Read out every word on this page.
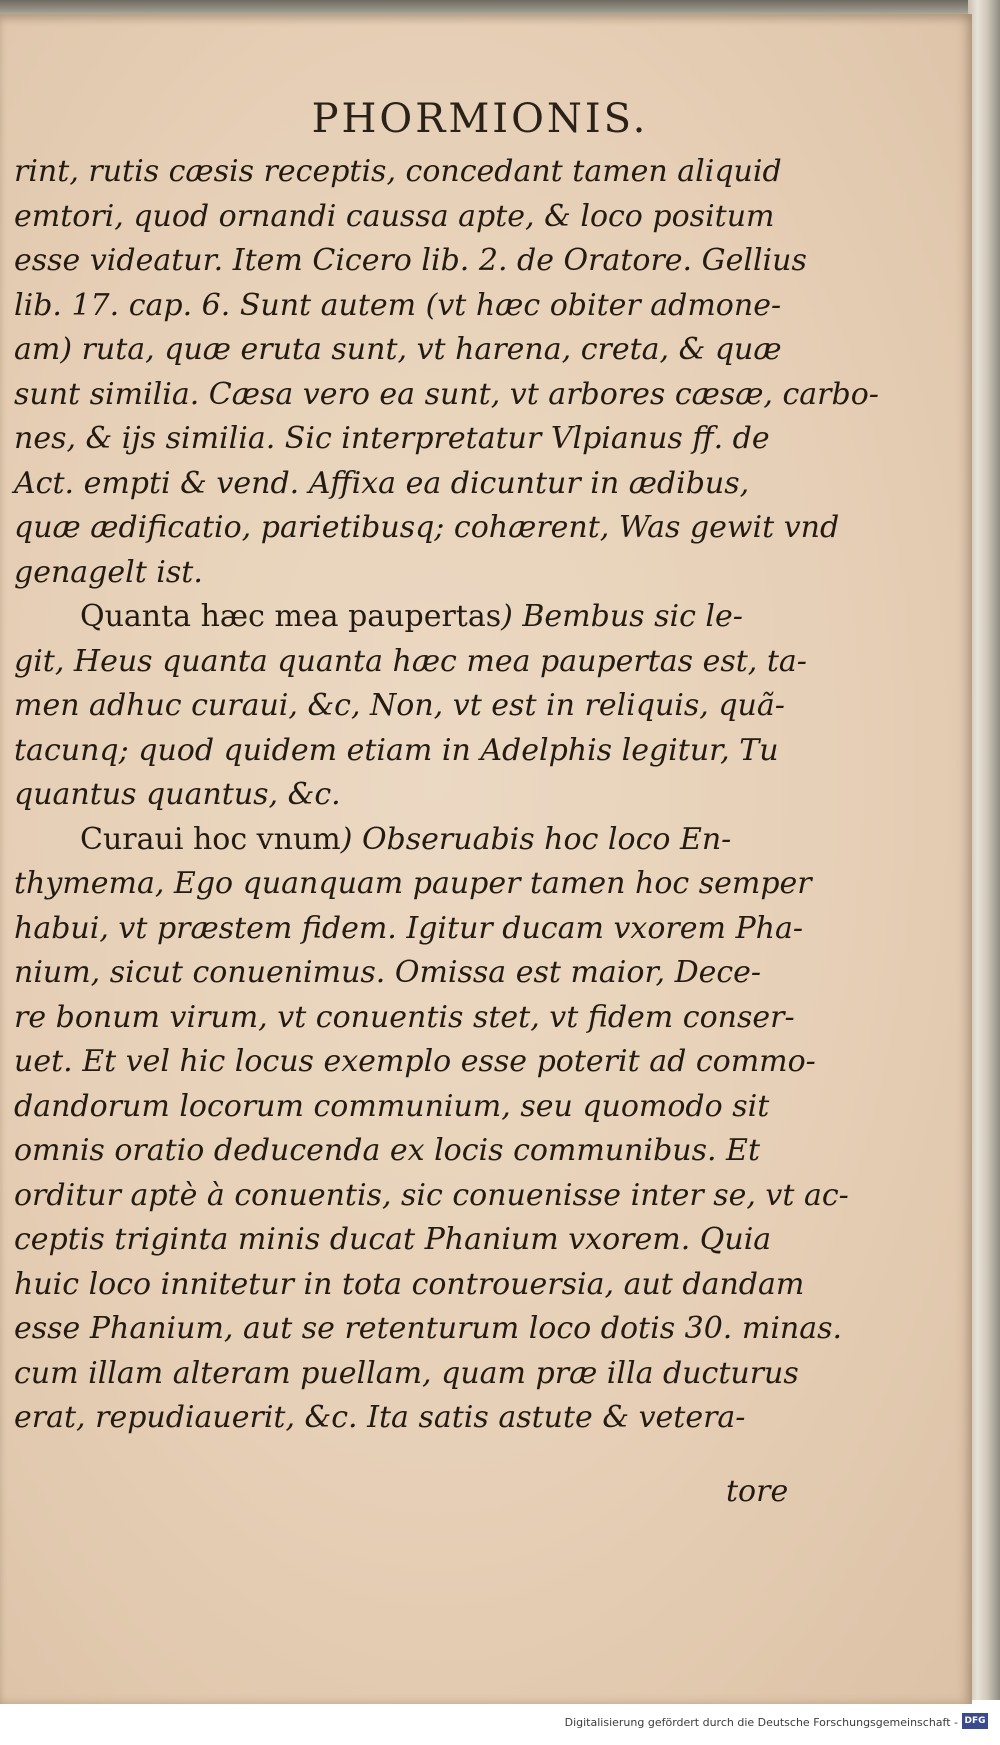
PHORMIONIS.
rint, rutis cæsis receptis, concedant tamen aliquid
emtori, quod ornandi caussa apte, & loco positum
esse videatur. Item Cicero lib. 2. de Oratore. Gellius
lib. 17. cap. 6. Sunt autem (vt hæc obiter admone-
am) ruta, quæ eruta sunt, vt harena, creta, & quæ
sunt similia. Cæsa vero ea sunt, vt arbores cæsæ, carbo-
nes, & ijs similia. Sic interpretatur Vlpianus ff. de
Act. empti & vend. Affixa ea dicuntur in ædibus,
quæ ædificatio, parietibusq; cohærent, Was gewit vnd
genagelt ist.
Quanta hæc mea paupertas) Bembus sic le-
git, Heus quanta quanta hæc mea paupertas est, ta-
men adhuc curaui, &c, Non, vt est in reliquis, quã-
tacunq; quod quidem etiam in Adelphis legitur, Tu
quantus quantus, &c.
Curaui hoc vnum) Obseruabis hoc loco En-
thymema, Ego quanquam pauper tamen hoc semper
habui, vt præstem fidem. Igitur ducam vxorem Pha-
nium, sicut conuenimus. Omissa est maior, Dece-
re bonum virum, vt conuentis stet, vt fidem conser-
uet. Et vel hic locus exemplo esse poterit ad commo-
dandorum locorum communium, seu quomodo sit
omnis oratio deducenda ex locis communibus. Et
orditur aptè à conuentis, sic conuenisse inter se, vt ac-
ceptis triginta minis ducat Phanium vxorem. Quia
huic loco innitetur in tota controuersia, aut dandam
esse Phanium, aut se retenturum loco dotis 30. minas.
cum illam alteram puellam, quam præ illa ducturus
erat, repudiauerit, &c. Ita satis astute & vetera-
tore
Digitalisierung gefördert durch die Deutsche Forschungsgemeinschaft - DFG
